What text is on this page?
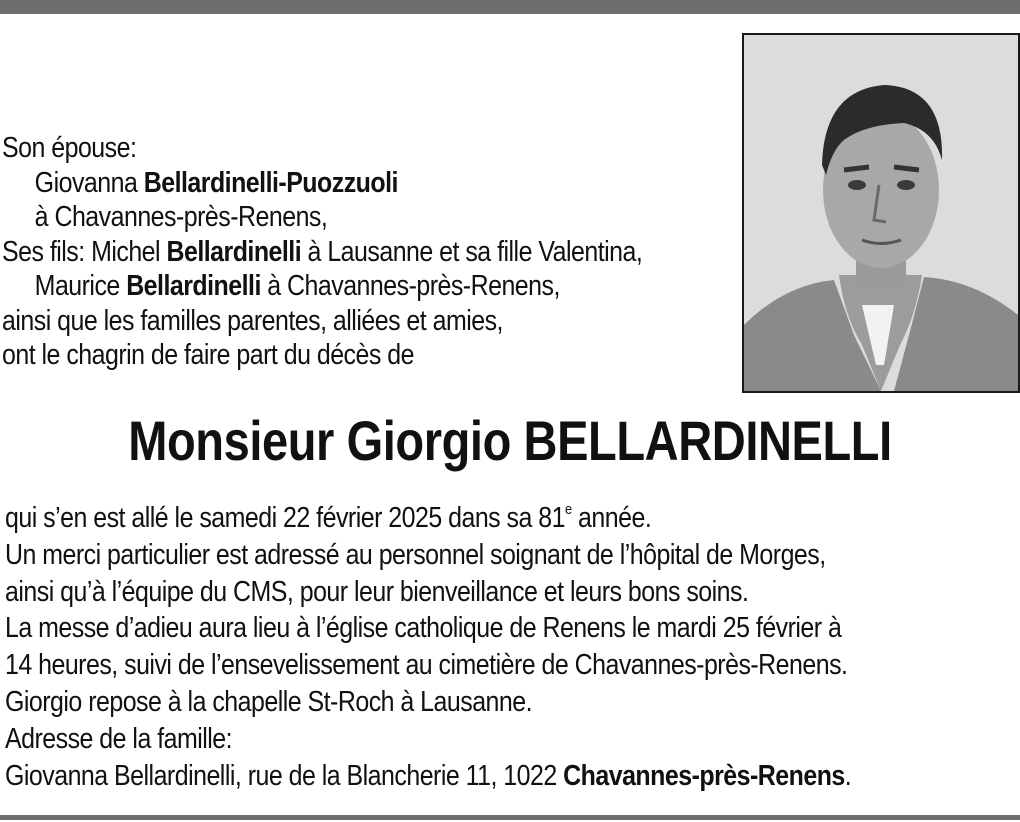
Son épouse:
Giovanna Bellardinelli-Puozzuoli
à Chavannes-près-Renens,
Ses fils: Michel Bellardinelli à Lausanne et sa fille Valentina,
Maurice Bellardinelli à Chavannes-près-Renens,
ainsi que les familles parentes, alliées et amies,
ont le chagrin de faire part du décès de
Monsieur Giorgio BELLARDINELLI
qui s’en est allé le samedi 22 février 2025 dans sa 81e année.
Un merci particulier est adressé au personnel soignant de l’hôpital de Morges,
ainsi qu’à l’équipe du CMS, pour leur bienveillance et leurs bons soins.
La messe d’adieu aura lieu à l’église catholique de Renens le mardi 25 février à
14 heures, suivi de l’ensevelissement au cimetière de Chavannes-près-Renens.
Giorgio repose à la chapelle St-Roch à Lausanne.
Adresse de la famille:
Giovanna Bellardinelli, rue de la Blancherie 11, 1022 Chavannes-près-Renens.
